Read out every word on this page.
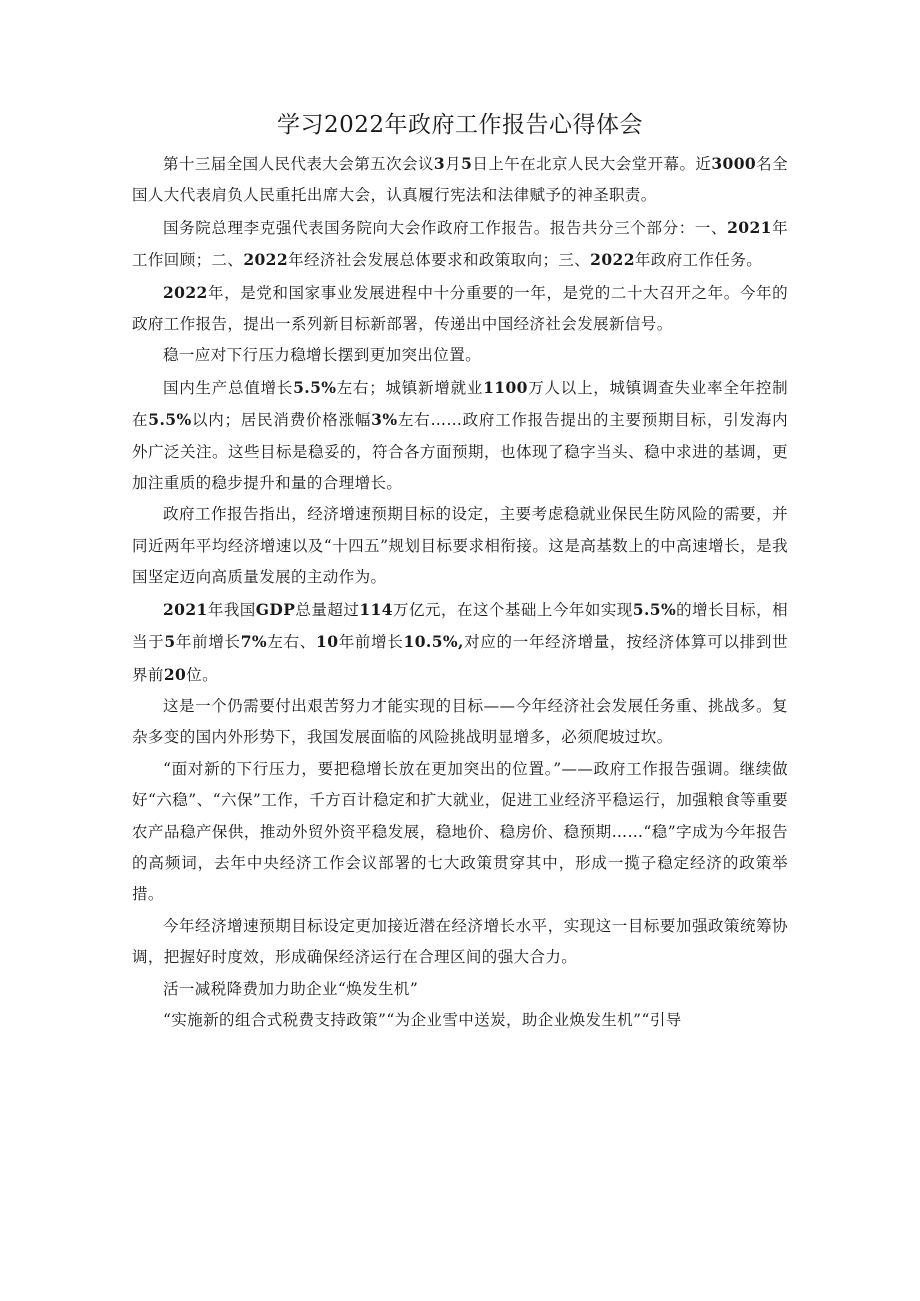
学习2022年政府工作报告心得体会

第十三届全国人民代表大会第五次会议3月5日上午在北京人民大会堂开幕。近3000名全国人大代表肩负人民重托出席大会，认真履行宪法和法律赋予的神圣职责。

国务院总理李克强代表国务院向大会作政府工作报告。报告共分三个部分：一、2021年工作回顾；二、2022年经济社会发展总体要求和政策取向；三、2022年政府工作任务。

2022年，是党和国家事业发展进程中十分重要的一年，是党的二十大召开之年。今年的政府工作报告，提出一系列新目标新部署，传递出中国经济社会发展新信号。

稳一应对下行压力稳增长摆到更加突出位置。

国内生产总值增长5.5%左右；城镇新增就业1100万人以上，城镇调查失业率全年控制在5.5%以内；居民消费价格涨幅3%左右……政府工作报告提出的主要预期目标，引发海内外广泛关注。这些目标是稳妥的，符合各方面预期，也体现了稳字当头、稳中求进的基调，更加注重质的稳步提升和量的合理增长。

政府工作报告指出，经济增速预期目标的设定，主要考虑稳就业保民生防风险的需要，并同近两年平均经济增速以及“十四五”规划目标要求相衔接。这是高基数上的中高速增长，是我国坚定迈向高质量发展的主动作为。

2021年我国GDP总量超过114万亿元，在这个基础上今年如实现5.5%的增长目标，相当于5年前增长7%左右、10年前增长10.5%,对应的一年经济增量，按经济体算可以排到世界前20位。

这是一个仍需要付出艰苦努力才能实现的目标——今年经济社会发展任务重、挑战多。复杂多变的国内外形势下，我国发展面临的风险挑战明显增多，必须爬坡过坎。

“面对新的下行压力，要把稳增长放在更加突出的位置。”——政府工作报告强调。继续做好“六稳”、“六保”工作，千方百计稳定和扩大就业，促进工业经济平稳运行，加强粮食等重要农产品稳产保供，推动外贸外资平稳发展，稳地价、稳房价、稳预期……“稳”字成为今年报告的高频词，去年中央经济工作会议部署的七大政策贯穿其中，形成一揽子稳定经济的政策举措。

今年经济增速预期目标设定更加接近潜在经济增长水平，实现这一目标要加强政策统筹协调，把握好时度效，形成确保经济运行在合理区间的强大合力。

活一减税降费加力助企业“焕发生机”

“实施新的组合式税费支持政策”“为企业雪中送炭，助企业焕发生机”“引导
